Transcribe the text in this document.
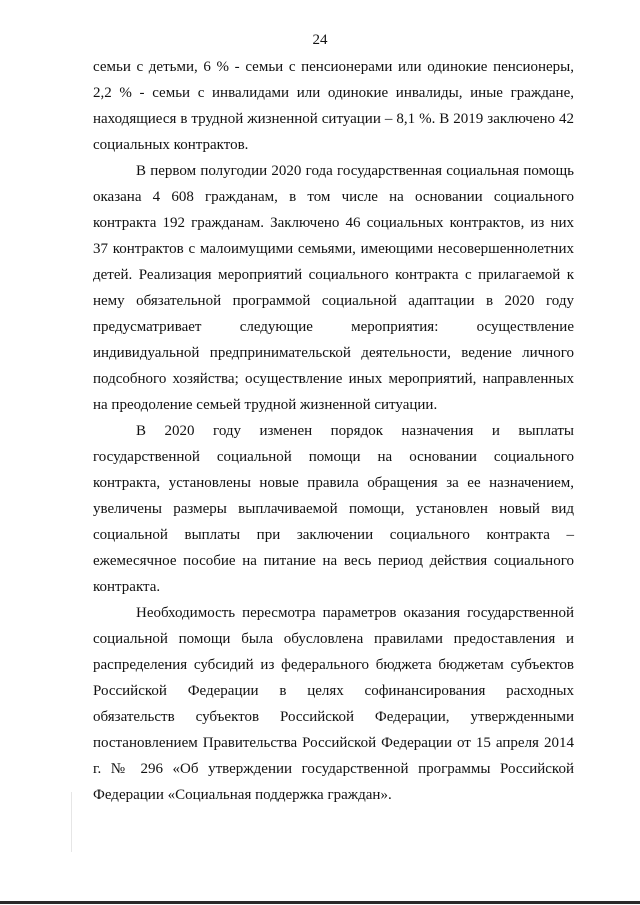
24

семьи с детьми, 6 % - семьи с пенсионерами или одинокие пенсионеры, 2,2 % - семьи с инвалидами или одинокие инвалиды, иные граждане, находящиеся в трудной жизненной ситуации – 8,1 %. В 2019 заключено 42 социальных контрактов.

В первом полугодии 2020 года государственная социальная помощь оказана 4 608 гражданам, в том числе на основании социального контракта 192 гражданам. Заключено 46 социальных контрактов, из них 37 контрактов с малоимущими семьями, имеющими несовершеннолетних детей. Реализация мероприятий социального контракта с прилагаемой к нему обязательной программой социальной адаптации в 2020 году предусматривает следующие мероприятия: осуществление индивидуальной предпринимательской деятельности, ведение личного подсобного хозяйства; осуществление иных мероприятий, направленных на преодоление семьей трудной жизненной ситуации.

В 2020 году изменен порядок назначения и выплаты государственной социальной помощи на основании социального контракта, установлены новые правила обращения за ее назначением, увеличены размеры выплачиваемой помощи, установлен новый вид социальной выплаты при заключении социального контракта – ежемесячное пособие на питание на весь период действия социального контракта.

Необходимость пересмотра параметров оказания государственной социальной помощи была обусловлена правилами предоставления и распределения субсидий из федерального бюджета бюджетам субъектов Российской Федерации в целях софинансирования расходных обязательств субъектов Российской Федерации, утвержденными постановлением Правительства Российской Федерации от 15 апреля 2014 г. № 296 «Об утверждении государственной программы Российской Федерации «Социальная поддержка граждан».
